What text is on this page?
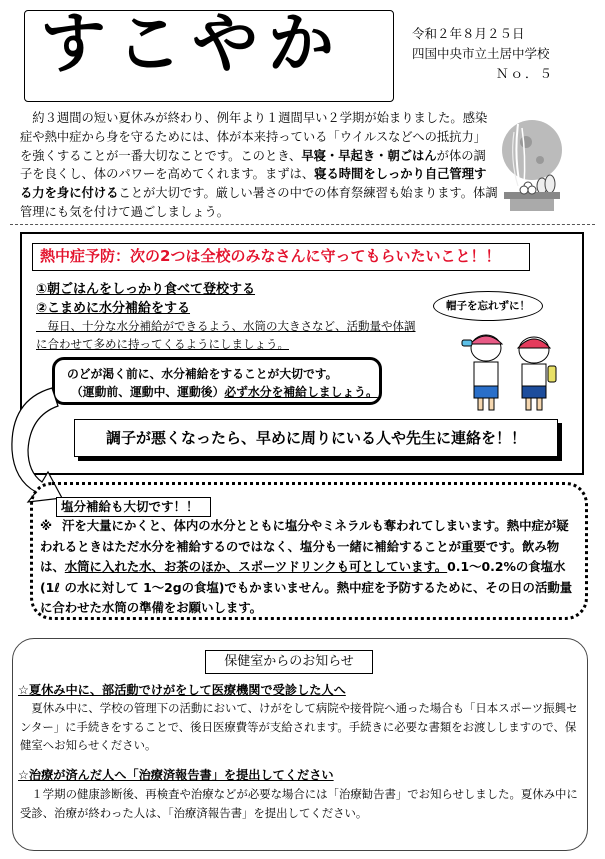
すこやか	令和２年８月２５日
四国中央市立土居中学校
Ｎｏ．５
　約３週間の短い夏休みが終わり、例年より１週間早い２学期が始まりました。感染症や熱中症から身を守るためには、体が本来持っている「ウイルスなどへの抵抗力」を強くすることが一番大切なことです。このとき、早寝・早起き・朝ごはんが体の調子を良くし、体のパワーを高めてくれます。まずは、寝る時間をしっかり自己管理する力を身に付けることが大切です。厳しい暑さの中での体育祭練習も始まります。体調管理にも気を付けて過ごしましょう。
熱中症予防：次の2つは全校のみなさんに守ってもらいたいこと！！
①朝ごはんをしっかり食べて登校する
②こまめに水分補給をする
　毎日、十分な水分補給ができるよう、水筒の大きさなど、活動量や体調に合わせて多めに持ってくるようにしましょう。
帽子を忘れずに！
のどが渇く前に、水分補給をすることが大切です。
（運動前、運動中、運動後）必ず水分を補給しましょう。
調子が悪くなったら、早めに周りにいる人や先生に連絡を！！
塩分補給も大切です！！
※ 汗を大量にかくと、体内の水分とともに塩分やミネラルも奪われてしまいます。熱中症が疑われるときはただ水分を補給するのではなく、塩分も一緒に補給することが重要です。飲み物は、水筒に入れた水、お茶のほか、スポーツドリンクも可としています。0.1～0.2%の食塩水(1ℓ の水に対して 1～2gの食塩)でもかまいません。熱中症を予防するために、その日の活動量に合わせた水筒の準備をお願いします。
保健室からのお知らせ
☆夏休み中に、部活動でけがをして医療機関で受診した人へ
　夏休み中に、学校の管理下の活動において、けがをして病院や接骨院へ通った場合も「日本スポーツ振興センター」に手続きをすることで、後日医療費等が支給されます。手続きに必要な書類をお渡ししますので、保健室へお知らせください。
☆治療が済んだ人へ「治療済報告書」を提出してください
　１学期の健康診断後、再検査や治療などが必要な場合には「治療勧告書」でお知らせしました。夏休み中に受診、治療が終わった人は、「治療済報告書」を提出してください。
